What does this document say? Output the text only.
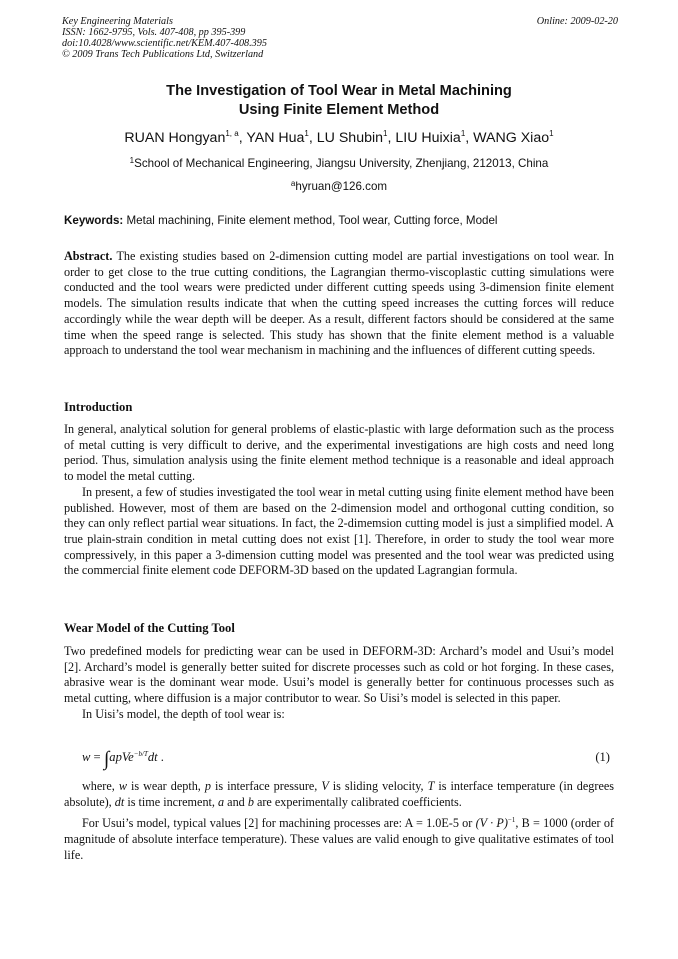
Key Engineering Materials
ISSN: 1662-9795, Vols. 407-408, pp 395-399
doi:10.4028/www.scientific.net/KEM.407-408.395
© 2009 Trans Tech Publications Ltd, Switzerland
Online: 2009-02-20
The Investigation of Tool Wear in Metal Machining
Using Finite Element Method
RUAN Hongyan$^{1, a}$, YAN Hua$^1$, LU Shubin$^1$, LIU Huixia$^1$, WANG Xiao$^1$
$^1$School of Mechanical Engineering, Jiangsu University, Zhenjiang, 212013, China
$^a$hyruan@126.com
Keywords: Metal machining, Finite element method, Tool wear, Cutting force, Model

Abstract. The existing studies based on 2-dimension cutting model are partial investigations on tool wear. In order to get close to the true cutting conditions, the Lagrangian thermo-viscoplastic cutting simulations were conducted and the tool wears were predicted under different cutting speeds using 3-dimension finite element models. The simulation results indicate that when the cutting speed increases the cutting forces will reduce accordingly while the wear depth will be deeper. As a result, different factors should be considered at the same time when the speed range is selected. This study has shown that the finite element method is a valuable approach to understand the tool wear mechanism in machining and the influences of different cutting speeds.

Introduction

In general, analytical solution for general problems of elastic-plastic with large deformation such as the process of metal cutting is very difficult to derive, and the experimental investigations are high costs and need long period. Thus, simulation analysis using the finite element method technique is a reasonable and ideal approach to model the metal cutting.

In present, a few of studies investigated the tool wear in metal cutting using finite element method have been published. However, most of them are based on the 2-dimension model and orthogonal cutting condition, so they can only reflect partial wear situations. In fact, the 2-dimemsion cutting model is just a simplified model. A true plain-strain condition in metal cutting does not exist [1]. Therefore, in order to study the tool wear more compressively, in this paper a 3-dimension cutting model was presented and the tool wear was predicted using the commercial finite element code DEFORM-3D based on the updated Lagrangian formula.

Wear Model of the Cutting Tool

Two predefined models for predicting wear can be used in DEFORM-3D: Archard’s model and Usui’s model [2]. Archard’s model is generally better suited for discrete processes such as cold or hot forging. In these cases, abrasive wear is the dominant wear mode. Usui’s model is generally better for continuous processes such as metal cutting, where diffusion is a major contributor to wear. So Uisi’s model is selected in this paper.

In Uisi’s model, the depth of tool wear is:

w = ∫apVe$^{-b/T}$dt .	(1)

where, w is wear depth, p is interface pressure, V is sliding velocity, T is interface temperature (in degrees absolute), dt is time increment, a and b are experimentally calibrated coefficients.

For Usui’s model, typical values [2] for machining processes are: A = 1.0E-5 or $(V \cdot P)^{-1}$, B = 1000 (order of magnitude of absolute interface temperature). These values are valid enough to give qualitative estimates of tool life.
